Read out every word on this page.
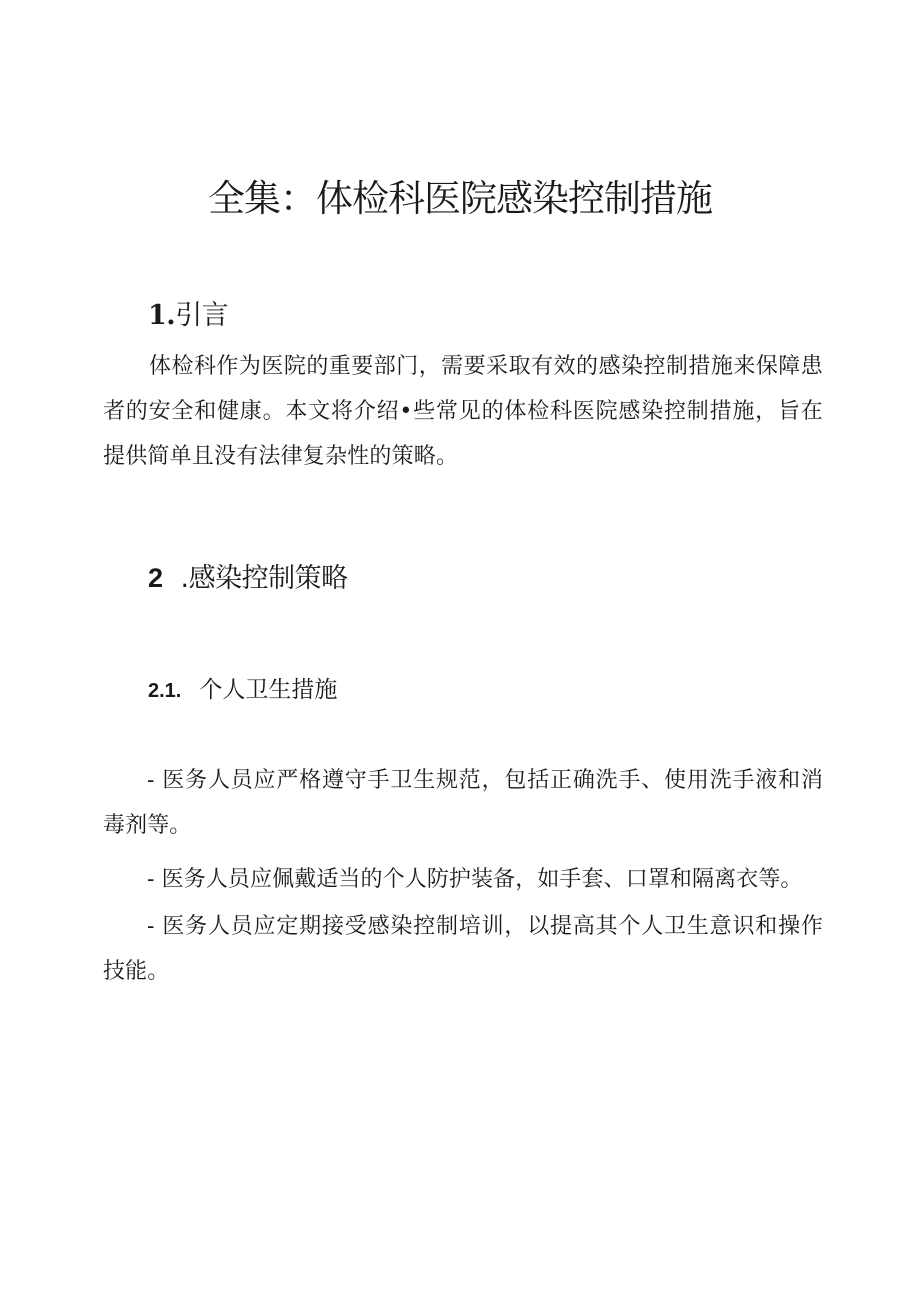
全集：体检科医院感染控制措施
1.引言

体检科作为医院的重要部门，需要采取有效的感染控制措施来保障患者的安全和健康。本文将介绍•些常见的体检科医院感染控制措施，旨在提供简单且没有法律复杂性的策略。

2 .感染控制策略
2.1. 个人卫生措施

- 医务人员应严格遵守手卫生规范，包括正确洗手、使用洗手液和消毒剂等。

- 医务人员应佩戴适当的个人防护装备，如手套、口罩和隔离衣等。

- 医务人员应定期接受感染控制培训，以提高其个人卫生意识和操作技能。
